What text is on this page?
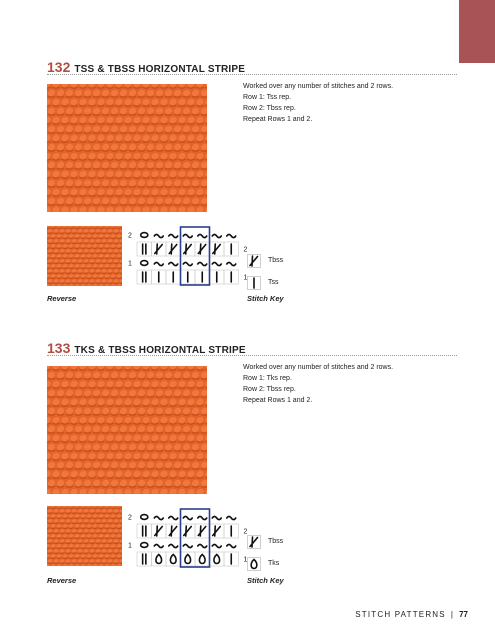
132 TSS & TBSS HORIZONTAL STRIPE
Worked over any number of stitches and 2 rows.
Row 1: Tss rep.
Row 2: Tbss rep.
Repeat Rows 1 and 2.
2
1
2
1
Tbss
Tss
Reverse	Stitch Key
133 TKS & TBSS HORIZONTAL STRIPE
Worked over any number of stitches and 2 rows.
Row 1: Tks rep.
Row 2: Tbss rep.
Repeat Rows 1 and 2.
2
1
2
1
Tbss
Tks
Reverse	Stitch Key
STITCH PATTERNS | 77
